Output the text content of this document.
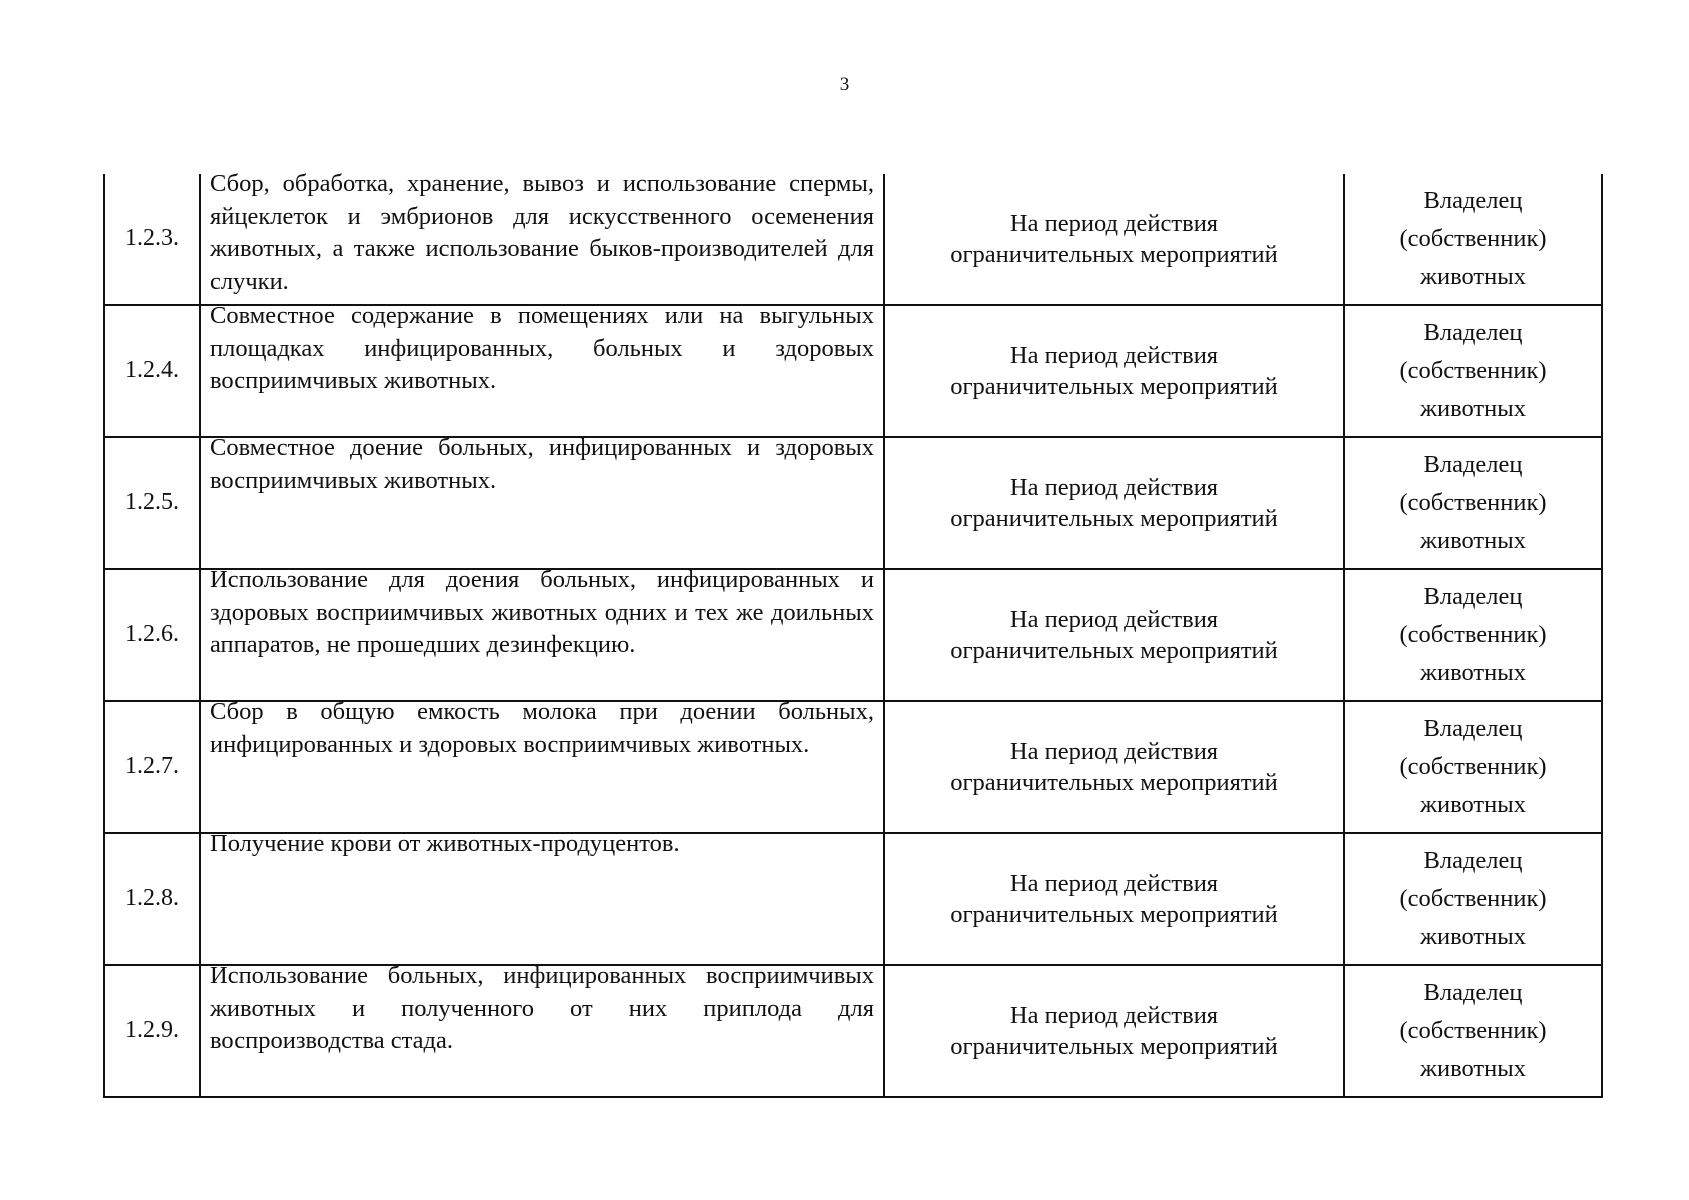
3
1.2.3.	Сбор, обработка, хранение, вывоз и использование спермы, яйцеклеток и эмбрионов для искусственного осеменения животных, а также использование быков-производителей для случки.	На период действия
ограничительных мероприятий	Владелец
(собственник)
животных
1.2.4.	Совместное содержание в помещениях или на выгульных площадках инфицированных, больных и здоровых восприимчивых животных.	На период действия
ограничительных мероприятий	Владелец
(собственник)
животных
1.2.5.	Совместное доение больных, инфицированных и здоровых восприимчивых животных.	На период действия
ограничительных мероприятий	Владелец
(собственник)
животных
1.2.6.	Использование для доения больных, инфицированных и здоровых восприимчивых животных одних и тех же доильных аппаратов, не прошедших дезинфекцию.	На период действия
ограничительных мероприятий	Владелец
(собственник)
животных
1.2.7.	Сбор в общую емкость молока при доении больных, инфицированных и здоровых восприимчивых животных.	На период действия
ограничительных мероприятий	Владелец
(собственник)
животных
1.2.8.	Получение крови от животных-продуцентов.	На период действия
ограничительных мероприятий	Владелец
(собственник)
животных
1.2.9.	Использование больных, инфицированных восприимчивых животных и полученного от них приплода для воспроизводства стада.	На период действия
ограничительных мероприятий	Владелец
(собственник)
животных
